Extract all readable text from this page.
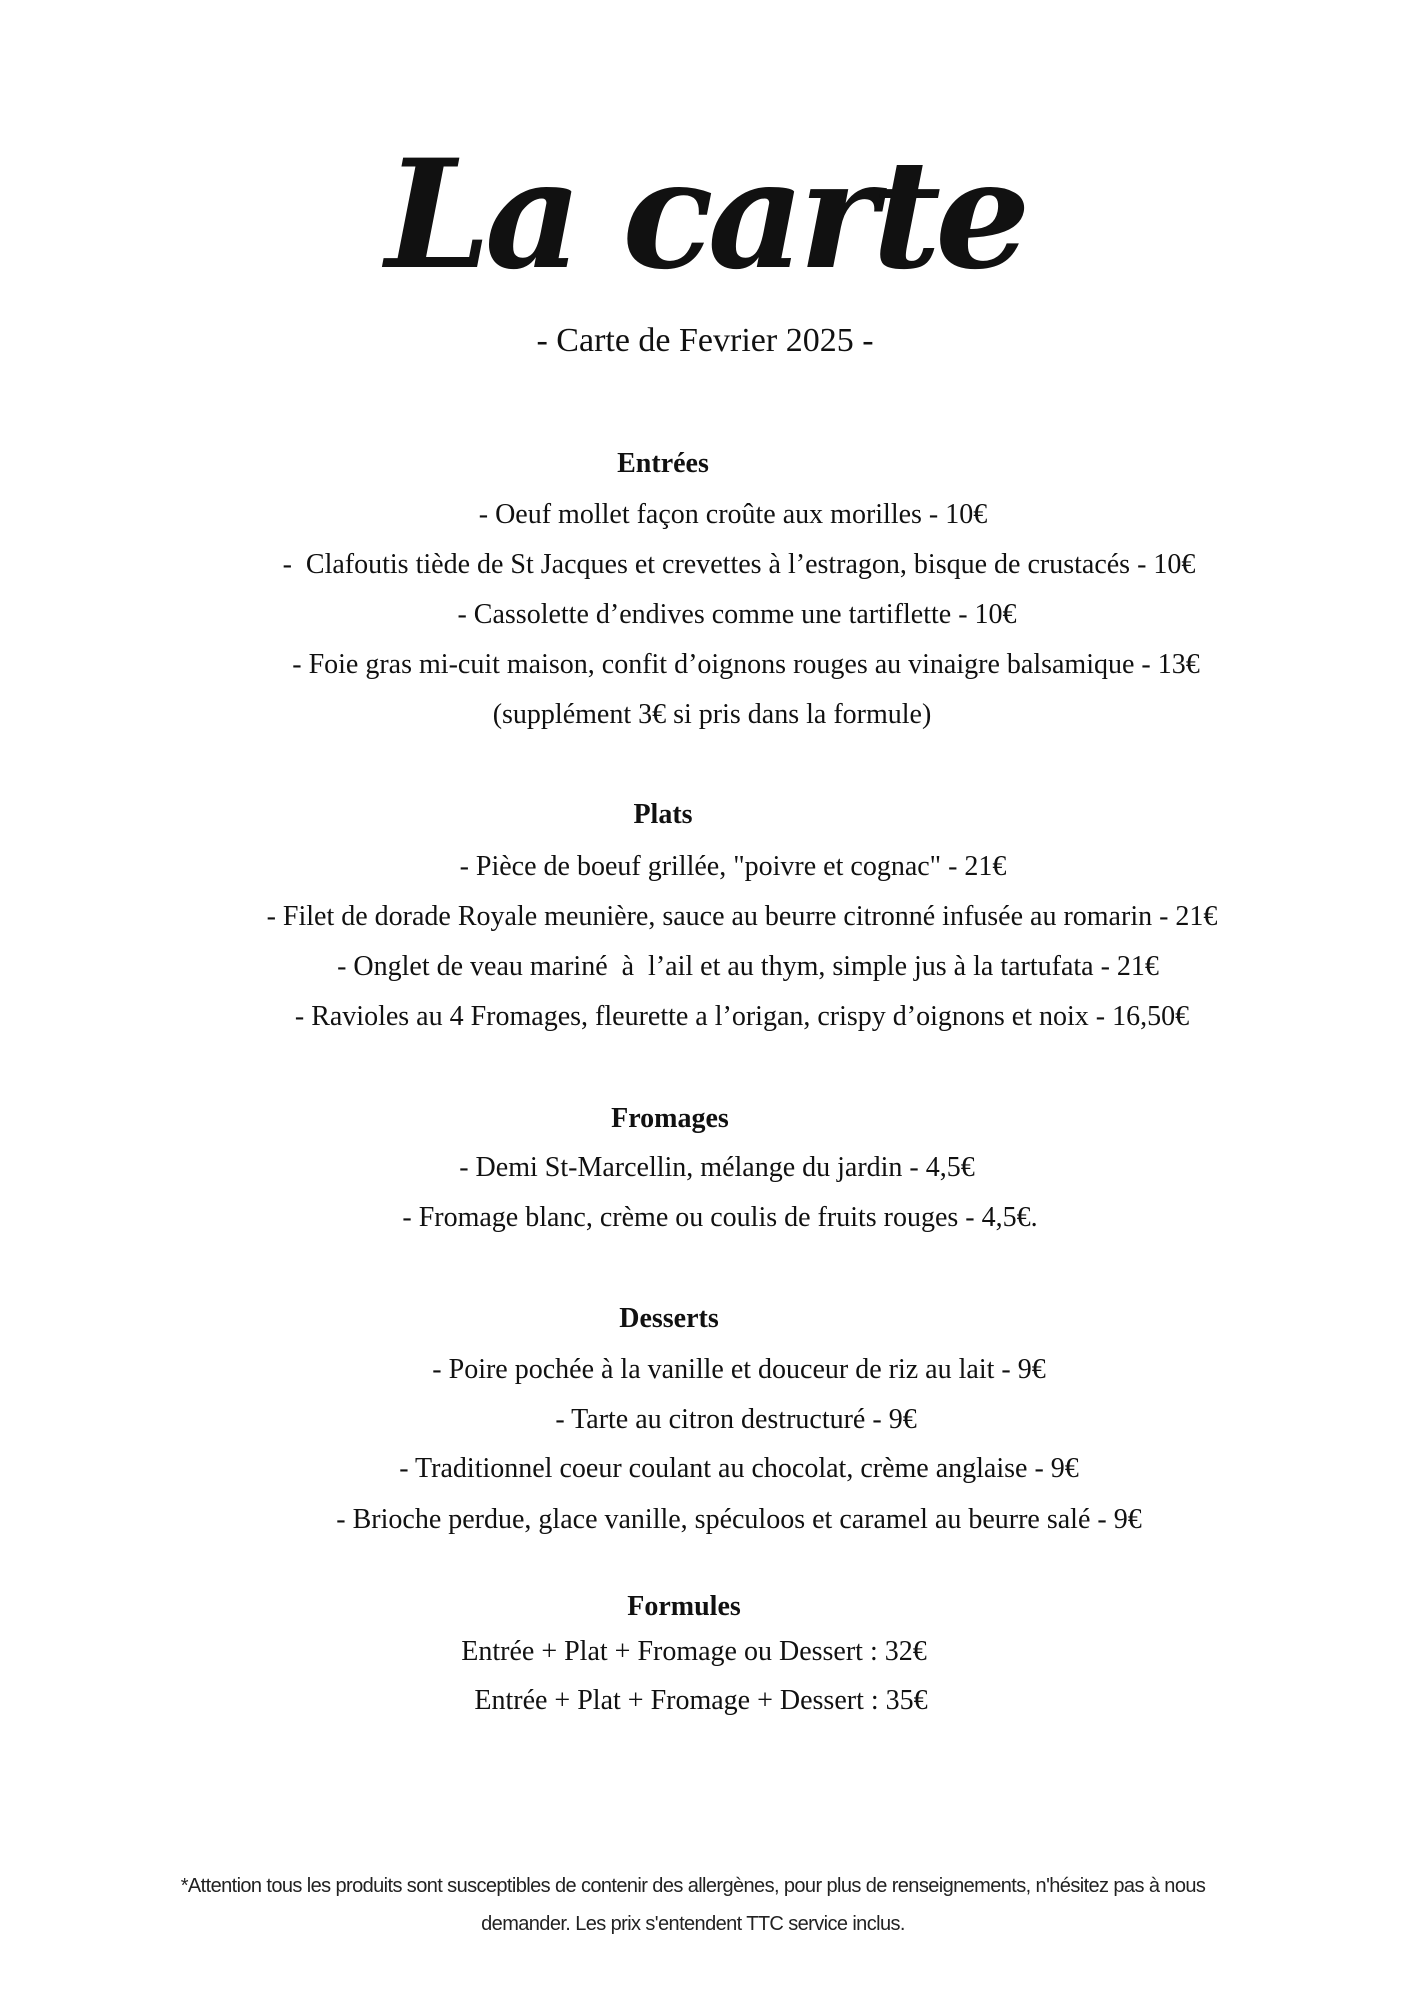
La carte
- Carte de Fevrier 2025 -
Entrées
- Oeuf mollet façon croûte aux morilles - 10€
-  Clafoutis tiède de St Jacques et crevettes à l’estragon, bisque de crustacés - 10€
- Cassolette d’endives comme une tartiflette - 10€
- Foie gras mi-cuit maison, confit d’oignons rouges au vinaigre balsamique - 13€
(supplément 3€ si pris dans la formule)
Plats
- Pièce de boeuf grillée, "poivre et cognac" - 21€
- Filet de dorade Royale meunière, sauce au beurre citronné infusée au romarin - 21€
- Onglet de veau mariné  à  l’ail et au thym, simple jus à la tartufata - 21€
- Ravioles au 4 Fromages, fleurette a l’origan, crispy d’oignons et noix - 16,50€
Fromages
- Demi St-Marcellin, mélange du jardin - 4,5€
- Fromage blanc, crème ou coulis de fruits rouges - 4,5€.
Desserts
- Poire pochée à la vanille et douceur de riz au lait - 9€
- Tarte au citron destructuré - 9€
- Traditionnel coeur coulant au chocolat, crème anglaise - 9€
- Brioche perdue, glace vanille, spéculoos et caramel au beurre salé - 9€
Formules
Entrée + Plat + Fromage ou Dessert : 32€
Entrée + Plat + Fromage + Dessert : 35€
*Attention tous les produits sont susceptibles de contenir des allergènes, pour plus de renseignements, n'hésitez pas à nous
demander. Les prix s'entendent TTC service inclus.
